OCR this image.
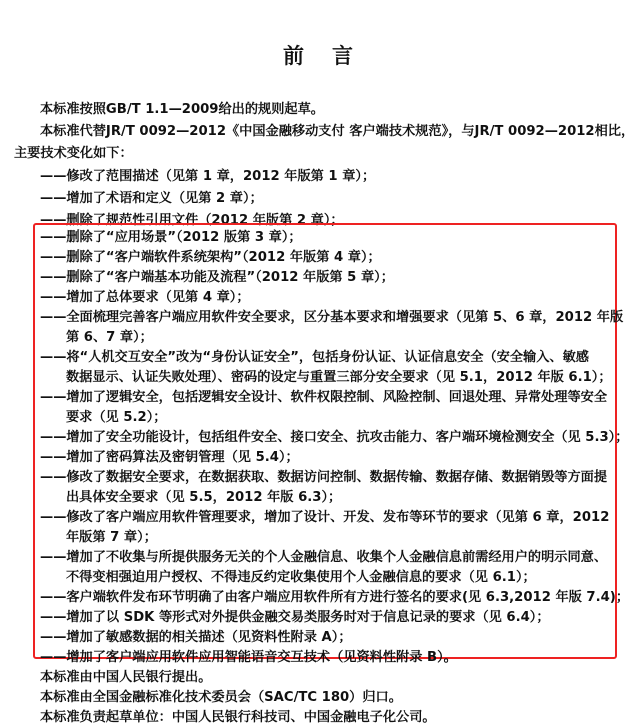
前言
本标准按照GB/T 1.1—2009给出的规则起草。
本标准代替JR/T 0092—2012《中国金融移动支付 客户端技术规范》，与JR/T 0092—2012相比，
主要技术变化如下：
——修改了范围描述（见第 1 章，2012 年版第 1 章）；
——增加了术语和定义（见第 2 章）；
——删除了规范性引用文件（2012 年版第 2 章）；
——删除了“应用场景”（2012 版第 3 章）；
——删除了“客户端软件系统架构”（2012 年版第 4 章）；
——删除了“客户端基本功能及流程”（2012 年版第 5 章）；
——增加了总体要求（见第 4 章）；
——全面梳理完善客户端应用软件安全要求，区分基本要求和增强要求（见第 5、6 章，2012 年版
第 6、7 章）；
——将“人机交互安全”改为“身份认证安全”，包括身份认证、认证信息安全（安全输入、敏感
数据显示、认证失败处理）、密码的设定与重置三部分安全要求（见 5.1，2012 年版 6.1）；
——增加了逻辑安全，包括逻辑安全设计、软件权限控制、风险控制、回退处理、异常处理等安全
要求（见 5.2）；
——增加了安全功能设计，包括组件安全、接口安全、抗攻击能力、客户端环境检测安全（见 5.3）；
——增加了密码算法及密钥管理（见 5.4）；
——修改了数据安全要求，在数据获取、数据访问控制、数据传输、数据存储、数据销毁等方面提
出具体安全要求（见 5.5，2012 年版 6.3）；
——修改了客户端应用软件管理要求，增加了设计、开发、发布等环节的要求（见第 6 章，2012
年版第 7 章）；
——增加了不收集与所提供服务无关的个人金融信息、收集个人金融信息前需经用户的明示同意、
不得变相强迫用户授权、不得违反约定收集使用个人金融信息的要求（见 6.1）；
——客户端软件发布环节明确了由客户端应用软件所有方进行签名的要求(见 6.3,2012 年版 7.4)；
——增加了以 SDK 等形式对外提供金融交易类服务时对于信息记录的要求（见 6.4）；
——增加了敏感数据的相关描述（见资料性附录 A）；
——增加了客户端应用软件应用智能语音交互技术（见资料性附录 B）。
本标准由中国人民银行提出。
本标准由全国金融标准化技术委员会（SAC/TC 180）归口。
本标准负责起草单位：中国人民银行科技司、中国金融电子化公司。
